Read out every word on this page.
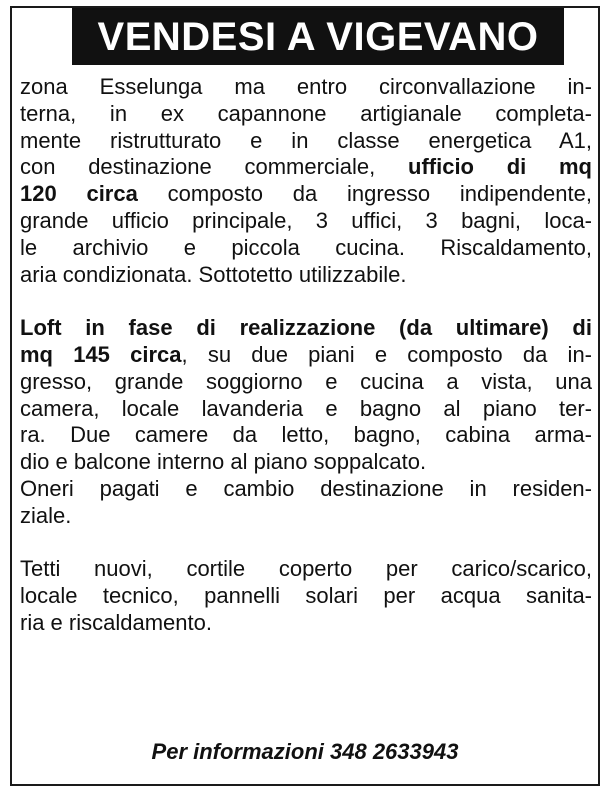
VENDESI A VIGEVANO
zona Esselunga ma entro circonvallazione in-
terna, in ex capannone artigianale completa-
mente ristrutturato e in classe energetica A1,
con destinazione commerciale, ufficio di mq
120 circa composto da ingresso indipendente,
grande ufficio principale, 3 uffici, 3 bagni, loca-
le archivio e piccola cucina. Riscaldamento,
aria condizionata. Sottotetto utilizzabile.
Loft in fase di realizzazione (da ultimare) di
mq 145 circa, su due piani e composto da in-
gresso, grande soggiorno e cucina a vista, una
camera, locale lavanderia e bagno al piano ter-
ra. Due camere da letto, bagno, cabina arma-
dio e balcone interno al piano soppalcato.
Oneri pagati e cambio destinazione in residen-
ziale.
Tetti nuovi, cortile coperto per carico/scarico,
locale tecnico, pannelli solari per acqua sanita-
ria e riscaldamento.
Per informazioni 348 2633943
